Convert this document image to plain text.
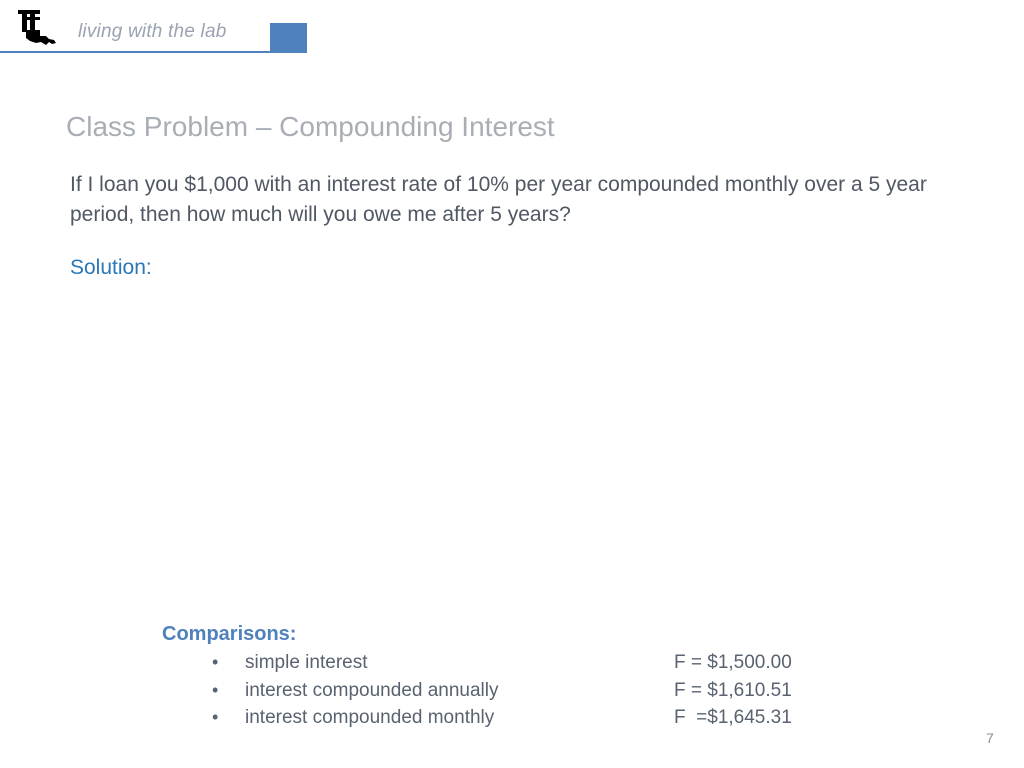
living with the lab
Class Problem – Compounding Interest
If I loan you $1,000 with an interest rate of 10% per year compounded monthly over a 5 year period, then how much will you owe me after 5 years?
Solution:
Comparisons:
• simple interest	F = $1,500.00
• interest compounded annually	F = $1,610.51
• interest compounded monthly	F  =$1,645.31
7
